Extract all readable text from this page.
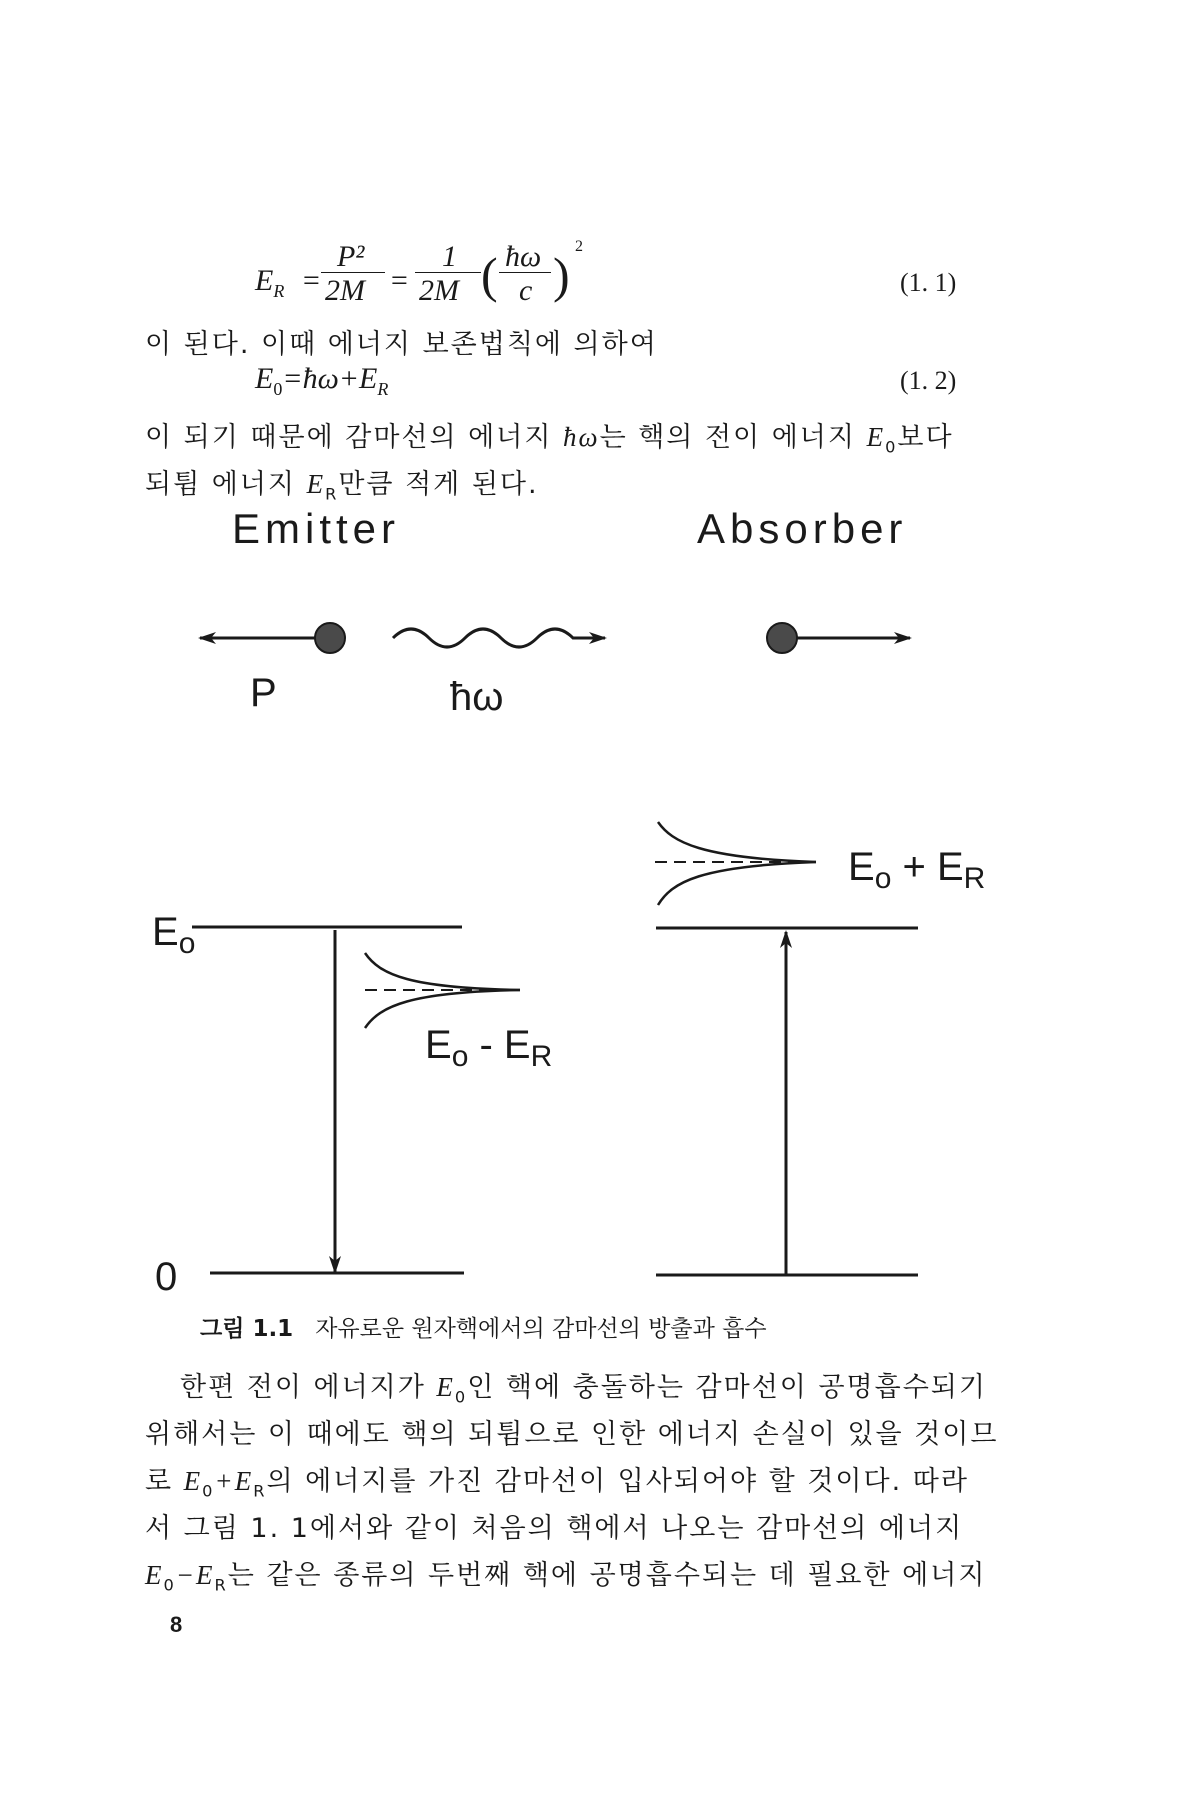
$E_R$ =
P²
2M =
1
2M ( ħω
c )
2
(1. 1)
이 된다. 이때 에너지 보존법칙에 의하여
$E_0=ħ\omega+E_R$	(1. 2)
이 되기 때문에 감마선의 에너지 ħω는 핵의 전이 에너지 $E_0$보다
되튐 에너지 $E_R$만큼 적게 된다.
Emitter	Absorber
P	ħω
$E_o$
0
$E_o - E_R$
$E_o + E_R$
그림 1.1 자유로운 원자핵에서의 감마선의 방출과 흡수
한편 전이 에너지가 $E_0$인 핵에 충돌하는 감마선이 공명흡수되기
위해서는 이 때에도 핵의 되튐으로 인한 에너지 손실이 있을 것이므
로 $E_0+E_R$의 에너지를 가진 감마선이 입사되어야 할 것이다. 따라
서 그림 1. 1에서와 같이 처음의 핵에서 나오는 감마선의 에너지
$E_0-E_R$는 같은 종류의 두번째 핵에 공명흡수되는 데 필요한 에너지
8
